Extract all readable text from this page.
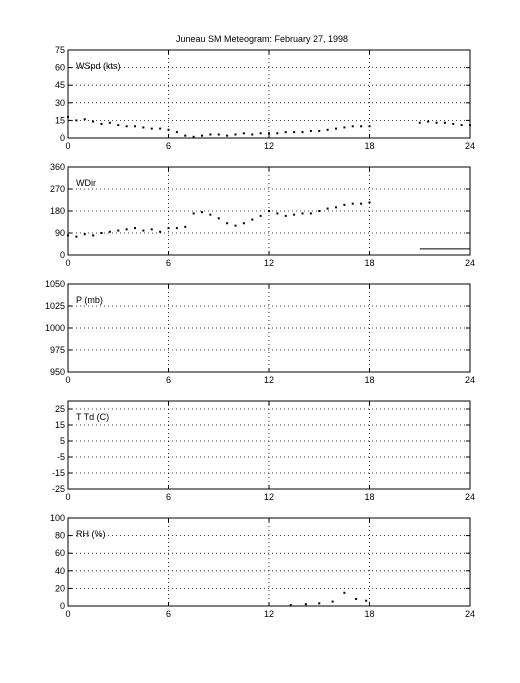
Juneau SM Meteogram: February 27, 1998
0	6	12	18	24
0
15
30
45
60
75
WSpd (kts)
0	6	12	18	24
0
90
180
270
360
WDir
0	6	12	18	24
950
975
1000
1025
1050
P (mb)
0	6	12	18	24
-25
-15
-5
5
15
25
T Td (C)
0	6	12	18	24
0
20
40
60
80
100
RH (%)
